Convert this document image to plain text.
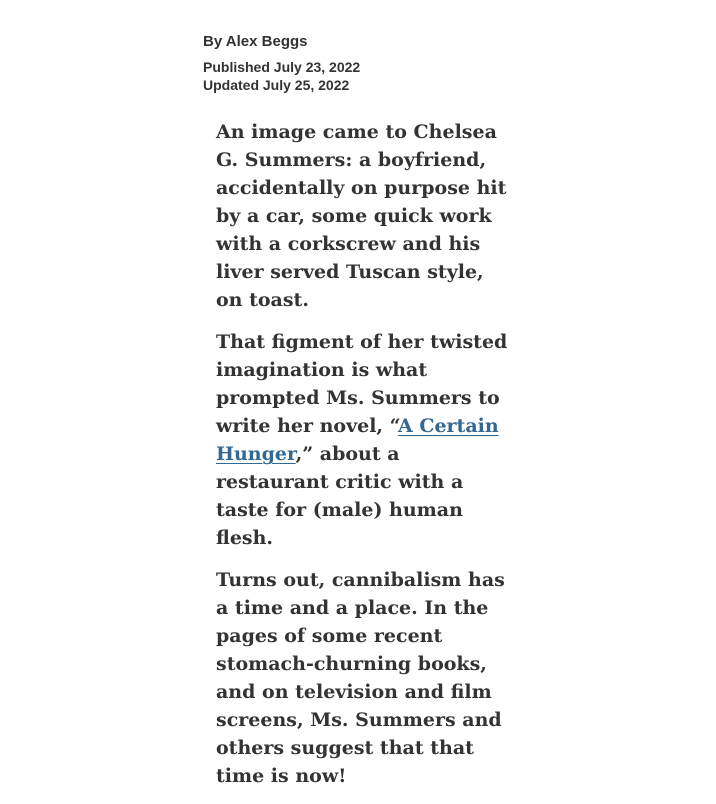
By Alex Beggs

Published July 23, 2022

Updated July 25, 2022

An image came to Chelsea G. Summers: a boyfriend, accidentally on purpose hit by a car, some quick work with a corkscrew and his liver served Tuscan style, on toast.

That figment of her twisted imagination is what prompted Ms. Summers to write her novel, “A Certain Hunger,” about a restaurant critic with a taste for (male) human flesh.

Turns out, cannibalism has a time and a place. In the pages of some recent stomach-churning books, and on television and film screens, Ms. Summers and others suggest that that time is now!
